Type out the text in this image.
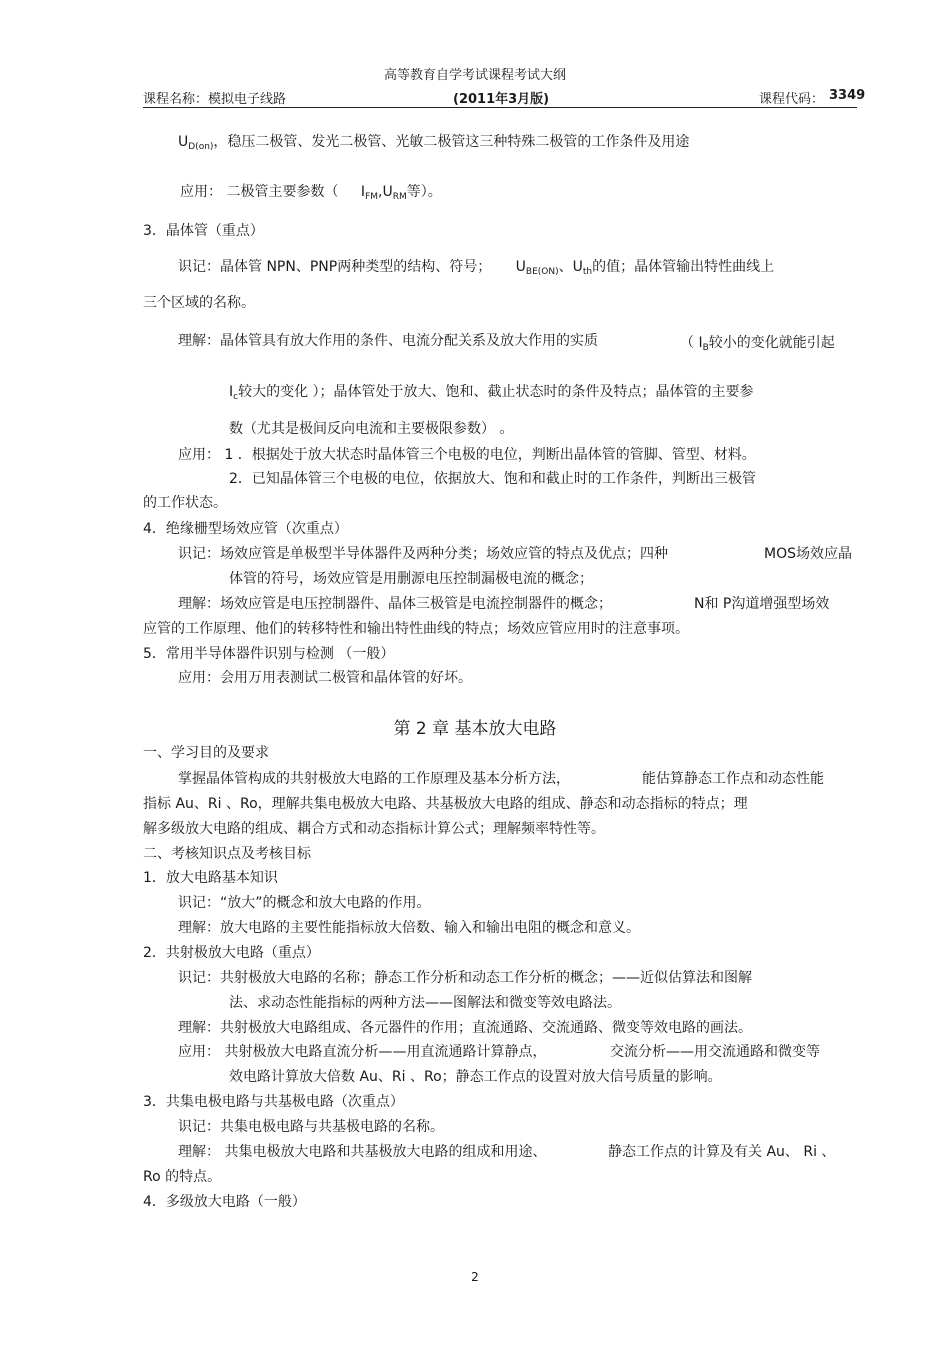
高等教育自学考试课程考试大纲
课程名称：模拟电子线路	(2011年3月版)	课程代码： 3349
$U_{D(on)}$，稳压二极管、发光二极管、光敏二极管这三种特殊二极管的工作条件及用途
应用： 二极管主要参数（ $I_{FM},U_{RM}$等）。
3．晶体管（重点）
识记：晶体管 NPN、PNP两种类型的结构、符号； $U_{BE(ON)}$、$U_{th}$的值；晶体管输出特性曲线上
三个区域的名称。
理解：晶体管具有放大作用的条件、电流分配关系及放大作用的实质	（ $I_B$较小的变化就能引起
$I_c$较大的变化 ）；晶体管处于放大、饱和、截止状态时的条件及特点；晶体管的主要参
数（尤其是极间反向电流和主要极限参数） 。
应用： 1 ．根据处于放大状态时晶体管三个电极的电位，判断出晶体管的管脚、管型、材料。
2．已知晶体管三个电极的电位，依据放大、饱和和截止时的工作条件，判断出三极管
的工作状态。
4．绝缘栅型场效应管（次重点）
识记：场效应管是单极型半导体器件及两种分类；场效应管的特点及优点；四种	MOS场效应晶
体管的符号，场效应管是用删源电压控制漏极电流的概念；
理解：场效应管是电压控制器件、晶体三极管是电流控制器件的概念；	N和 P沟道增强型场效
应管的工作原理、他们的转移特性和输出特性曲线的特点；场效应管应用时的注意事项。
5．常用半导体器件识别与检测 （一般）
应用：会用万用表测试二极管和晶体管的好坏。
第 2 章 基本放大电路
一、学习目的及要求
掌握晶体管构成的共射极放大电路的工作原理及基本分析方法，	能估算静态工作点和动态性能
指标 Au、Ri 、Ro，理解共集电极放大电路、共基极放大电路的组成、静态和动态指标的特点；理
解多级放大电路的组成、耦合方式和动态指标计算公式；理解频率特性等。
二、考核知识点及考核目标
1．放大电路基本知识
识记：“放大”的概念和放大电路的作用。
理解：放大电路的主要性能指标放大倍数、输入和输出电阻的概念和意义。
2．共射极放大电路（重点）
识记：共射极放大电路的名称；静态工作分析和动态工作分析的概念；——近似估算法和图解
法、求动态性能指标的两种方法——图解法和微变等效电路法。
理解：共射极放大电路组成、各元器件的作用；直流通路、交流通路、微变等效电路的画法。
应用： 共射极放大电路直流分析——用直流通路计算静点，	交流分析——用交流通路和微变等
效电路计算放大倍数 Au、Ri 、Ro；静态工作点的设置对放大信号质量的影响。
3．共集电极电路与共基极电路（次重点）
识记：共集电极电路与共基极电路的名称。
理解： 共集电极放大电路和共基极放大电路的组成和用途、	静态工作点的计算及有关 Au、 Ri 、
Ro 的特点。
4．多级放大电路（一般）
2
